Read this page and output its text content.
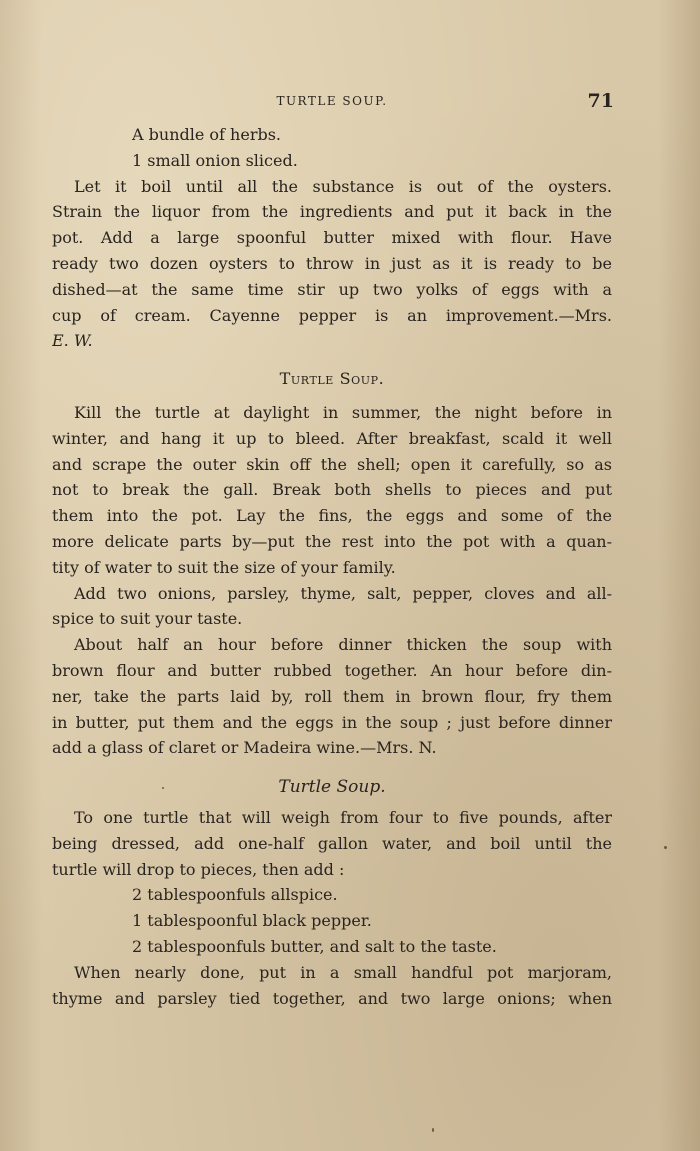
TURTLE SOUP.	71
A bundle of herbs.
1 small onion sliced.
Let it boil until all the substance is out of the oysters.
Strain the liquor from the ingredients and put it back in the
pot. Add a large spoonful butter mixed with flour. Have
ready two dozen oysters to throw in just as it is ready to be
dished—at the same time stir up two yolks of eggs with a
cup of cream. Cayenne pepper is an improvement.—Mrs.
E. W.
Turtle Soup.
Kill the turtle at daylight in summer, the night before in
winter, and hang it up to bleed. After breakfast, scald it well
and scrape the outer skin off the shell; open it carefully, so as
not to break the gall. Break both shells to pieces and put
them into the pot. Lay the fins, the eggs and some of the
more delicate parts by—put the rest into the pot with a quan-
tity of water to suit the size of your family.
Add two onions, parsley, thyme, salt, pepper, cloves and all-
spice to suit your taste.
About half an hour before dinner thicken the soup with
brown flour and butter rubbed together. An hour before din-
ner, take the parts laid by, roll them in brown flour, fry them
in butter, put them and the eggs in the soup ; just before dinner
add a glass of claret or Madeira wine.—Mrs. N.
Turtle Soup.
To one turtle that will weigh from four to five pounds, after
being dressed, add one-half gallon water, and boil until the
turtle will drop to pieces, then add :
2 tablespoonfuls allspice.
1 tablespoonful black pepper.
2 tablespoonfuls butter, and salt to the taste.
When nearly done, put in a small handful pot marjoram,
thyme and parsley tied together, and two large onions; when
